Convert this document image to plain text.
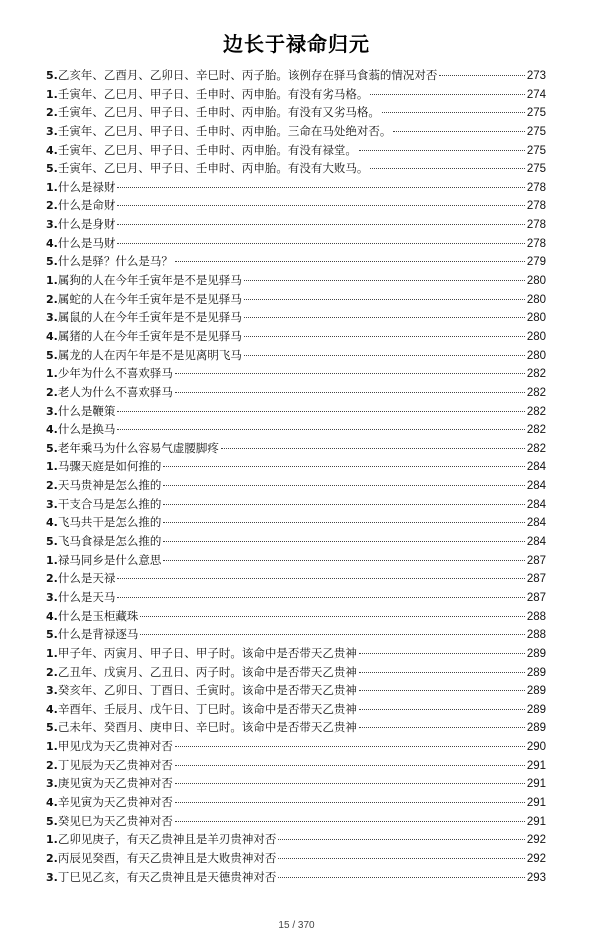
边长于禄命归元
5. 乙亥年、乙酉月、乙卯日、辛巳时、丙子胎。该例存在驿马食蓊的情况对否	273
1. 壬寅年、乙巳月、甲子日、壬申时、丙申胎。有没有劣马格。	274
2. 壬寅年、乙巳月、甲子日、壬申时、丙申胎。有没有又劣马格。	275
3. 壬寅年、乙巳月、甲子日、壬申时、丙申胎。三命在马处绝对否。	275
4. 壬寅年、乙巳月、甲子日、壬申时、丙申胎。有没有禄堂。	275
5. 壬寅年、乙巳月、甲子日、壬申时、丙申胎。有没有大败马。	275
1. 什么是禄财	278
2. 什么是命财	278
3. 什么是身财	278
4. 什么是马财	278
5. 什么是驿？什么是马？	279
1. 属狗的人在今年壬寅年是不是见驿马	280
2. 属蛇的人在今年壬寅年是不是见驿马	280
3. 属鼠的人在今年壬寅年是不是见驿马	280
4. 属猪的人在今年壬寅年是不是见驿马	280
5. 属龙的人在丙午年是不是见离明飞马	280
1. 少年为什么不喜欢驿马	282
2. 老人为什么不喜欢驿马	282
3. 什么是鞭策	282
4. 什么是换马	282
5. 老年乘马为什么容易气虚腰脚疼	282
1. 马骤天庭是如何推的	284
2. 天马贵神是怎么推的	284
3. 干支合马是怎么推的	284
4. 飞马共干是怎么推的	284
5. 飞马食禄是怎么推的	284
1. 禄马同乡是什么意思	287
2. 什么是天禄	287
3. 什么是天马	287
4. 什么是玉柜藏珠	288
5. 什么是背禄逐马	288
1. 甲子年、丙寅月、甲子日、甲子时。该命中是否带天乙贵神	289
2. 乙丑年、戊寅月、乙丑日、丙子时。该命中是否带天乙贵神	289
3. 癸亥年、乙卯日、丁酉日、壬寅时。该命中是否带天乙贵神	289
4. 辛酉年、壬辰月、戊午日、丁巳时。该命中是否带天乙贵神	289
5. 己未年、癸酉月、庚申日、辛巳时。该命中是否带天乙贵神	289
1. 甲见戊为天乙贵神对否	290
2. 丁见辰为天乙贵神对否	291
3. 庚见寅为天乙贵神对否	291
4. 辛见寅为天乙贵神对否	291
5. 癸见巳为天乙贵神对否	291
1. 乙卯见庚子，有天乙贵神且是羊刃贵神对否	292
2. 丙辰见癸酉，有天乙贵神且是大败贵神对否	292
3. 丁巳见乙亥，有天乙贵神且是天德贵神对否	293
15 / 370
